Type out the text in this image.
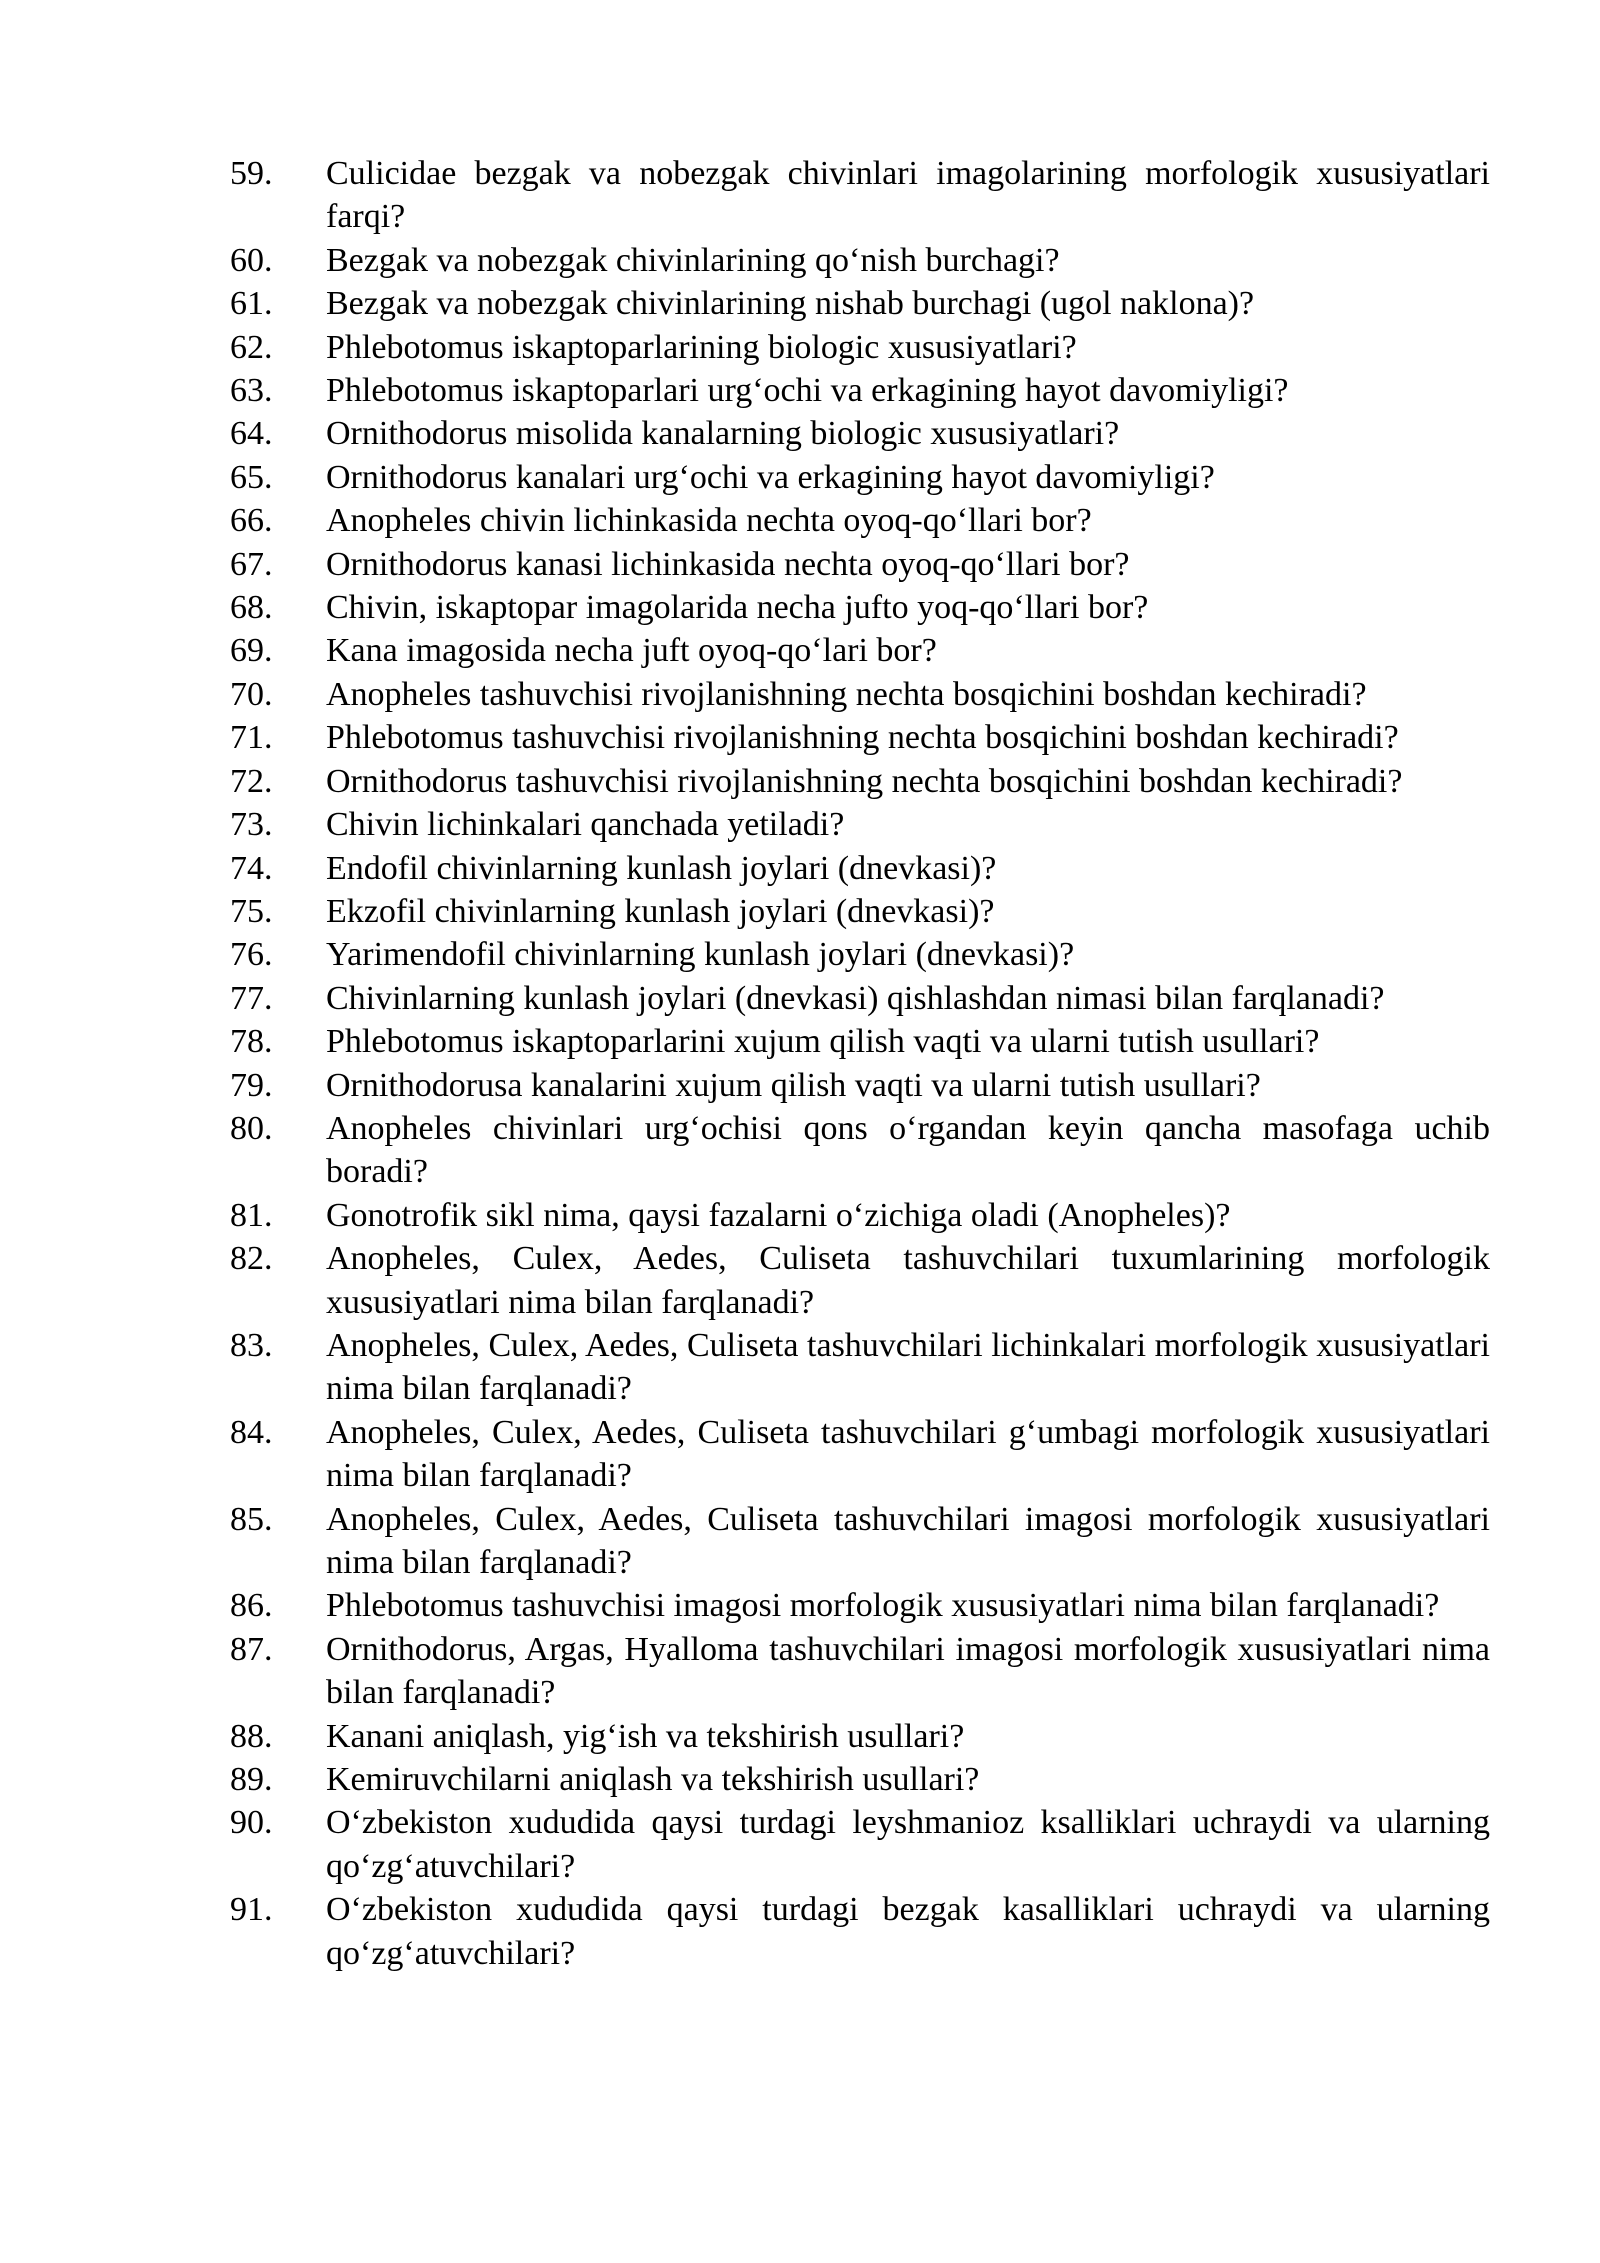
59.	Culicidae bezgak va nobezgak chivinlari imagolarining morfologik xususiyatlari farqi?
60.	Bezgak va nobezgak chivinlarining qo‘nish burchagi?
61.	Bezgak va nobezgak chivinlarining nishab burchagi (ugol naklona)?
62.	Phlebotomus iskaptoparlarining biologic xususiyatlari?
63.	Phlebotomus iskaptoparlari urg‘ochi va erkagining hayot davomiyligi?
64.	Ornithodorus misolida kanalarning biologic xususiyatlari?
65.	Ornithodorus kanalari urg‘ochi va erkagining hayot davomiyligi?
66.	Anopheles chivin lichinkasida nechta oyoq-qo‘llari bor?
67.	Ornithodorus kanasi lichinkasida nechta oyoq-qo‘llari bor?
68.	Chivin, iskaptopar imagolarida necha jufto yoq-qo‘llari bor?
69.	Kana imagosida necha juft oyoq-qo‘lari bor?
70.	Anopheles tashuvchisi rivojlanishning nechta bosqichini boshdan kechiradi?
71.	Phlebotomus tashuvchisi rivojlanishning nechta bosqichini boshdan kechiradi?
72.	Ornithodorus tashuvchisi rivojlanishning nechta bosqichini boshdan kechiradi?
73.	Chivin lichinkalari qanchada yetiladi?
74.	Endofil chivinlarning kunlash joylari (dnevkasi)?
75.	Ekzofil chivinlarning kunlash joylari (dnevkasi)?
76.	Yarimendofil chivinlarning kunlash joylari (dnevkasi)?
77.	Chivinlarning kunlash joylari (dnevkasi) qishlashdan nimasi bilan farqlanadi?
78.	Phlebotomus iskaptoparlarini xujum qilish vaqti va ularni tutish usullari?
79.	Ornithodorusa kanalarini xujum qilish vaqti va ularni tutish usullari?
80.	Anopheles chivinlari urg‘ochisi qons o‘rgandan keyin qancha masofaga uchib boradi?
81.	Gonotrofik sikl nima, qaysi fazalarni o‘zichiga oladi (Anopheles)?
82.	Anopheles, Culex, Aedes, Culiseta tashuvchilari tuxumlarining morfologik xususiyatlari nima bilan farqlanadi?
83.	Anopheles, Culex, Aedes, Culiseta tashuvchilari lichinkalari morfologik xususiyatlari nima bilan farqlanadi?
84.	Anopheles, Culex, Aedes, Culiseta tashuvchilari g‘umbagi morfologik xususiyatlari nima bilan farqlanadi?
85.	Anopheles, Culex, Aedes, Culiseta tashuvchilari imagosi morfologik xususiyatlari nima bilan farqlanadi?
86.	Phlebotomus tashuvchisi imagosi morfologik xususiyatlari nima bilan farqlanadi?
87.	Ornithodorus, Argas, Hyalloma tashuvchilari imagosi morfologik xususiyatlari nima bilan farqlanadi?
88.	Kanani aniqlash, yig‘ish va tekshirish usullari?
89.	Kemiruvchilarni aniqlash va tekshirish usullari?
90.	O‘zbekiston xududida qaysi turdagi leyshmanioz ksalliklari uchraydi va ularning qo‘zg‘atuvchilari?
91.	O‘zbekiston xududida qaysi turdagi bezgak kasalliklari uchraydi va ularning qo‘zg‘atuvchilari?
